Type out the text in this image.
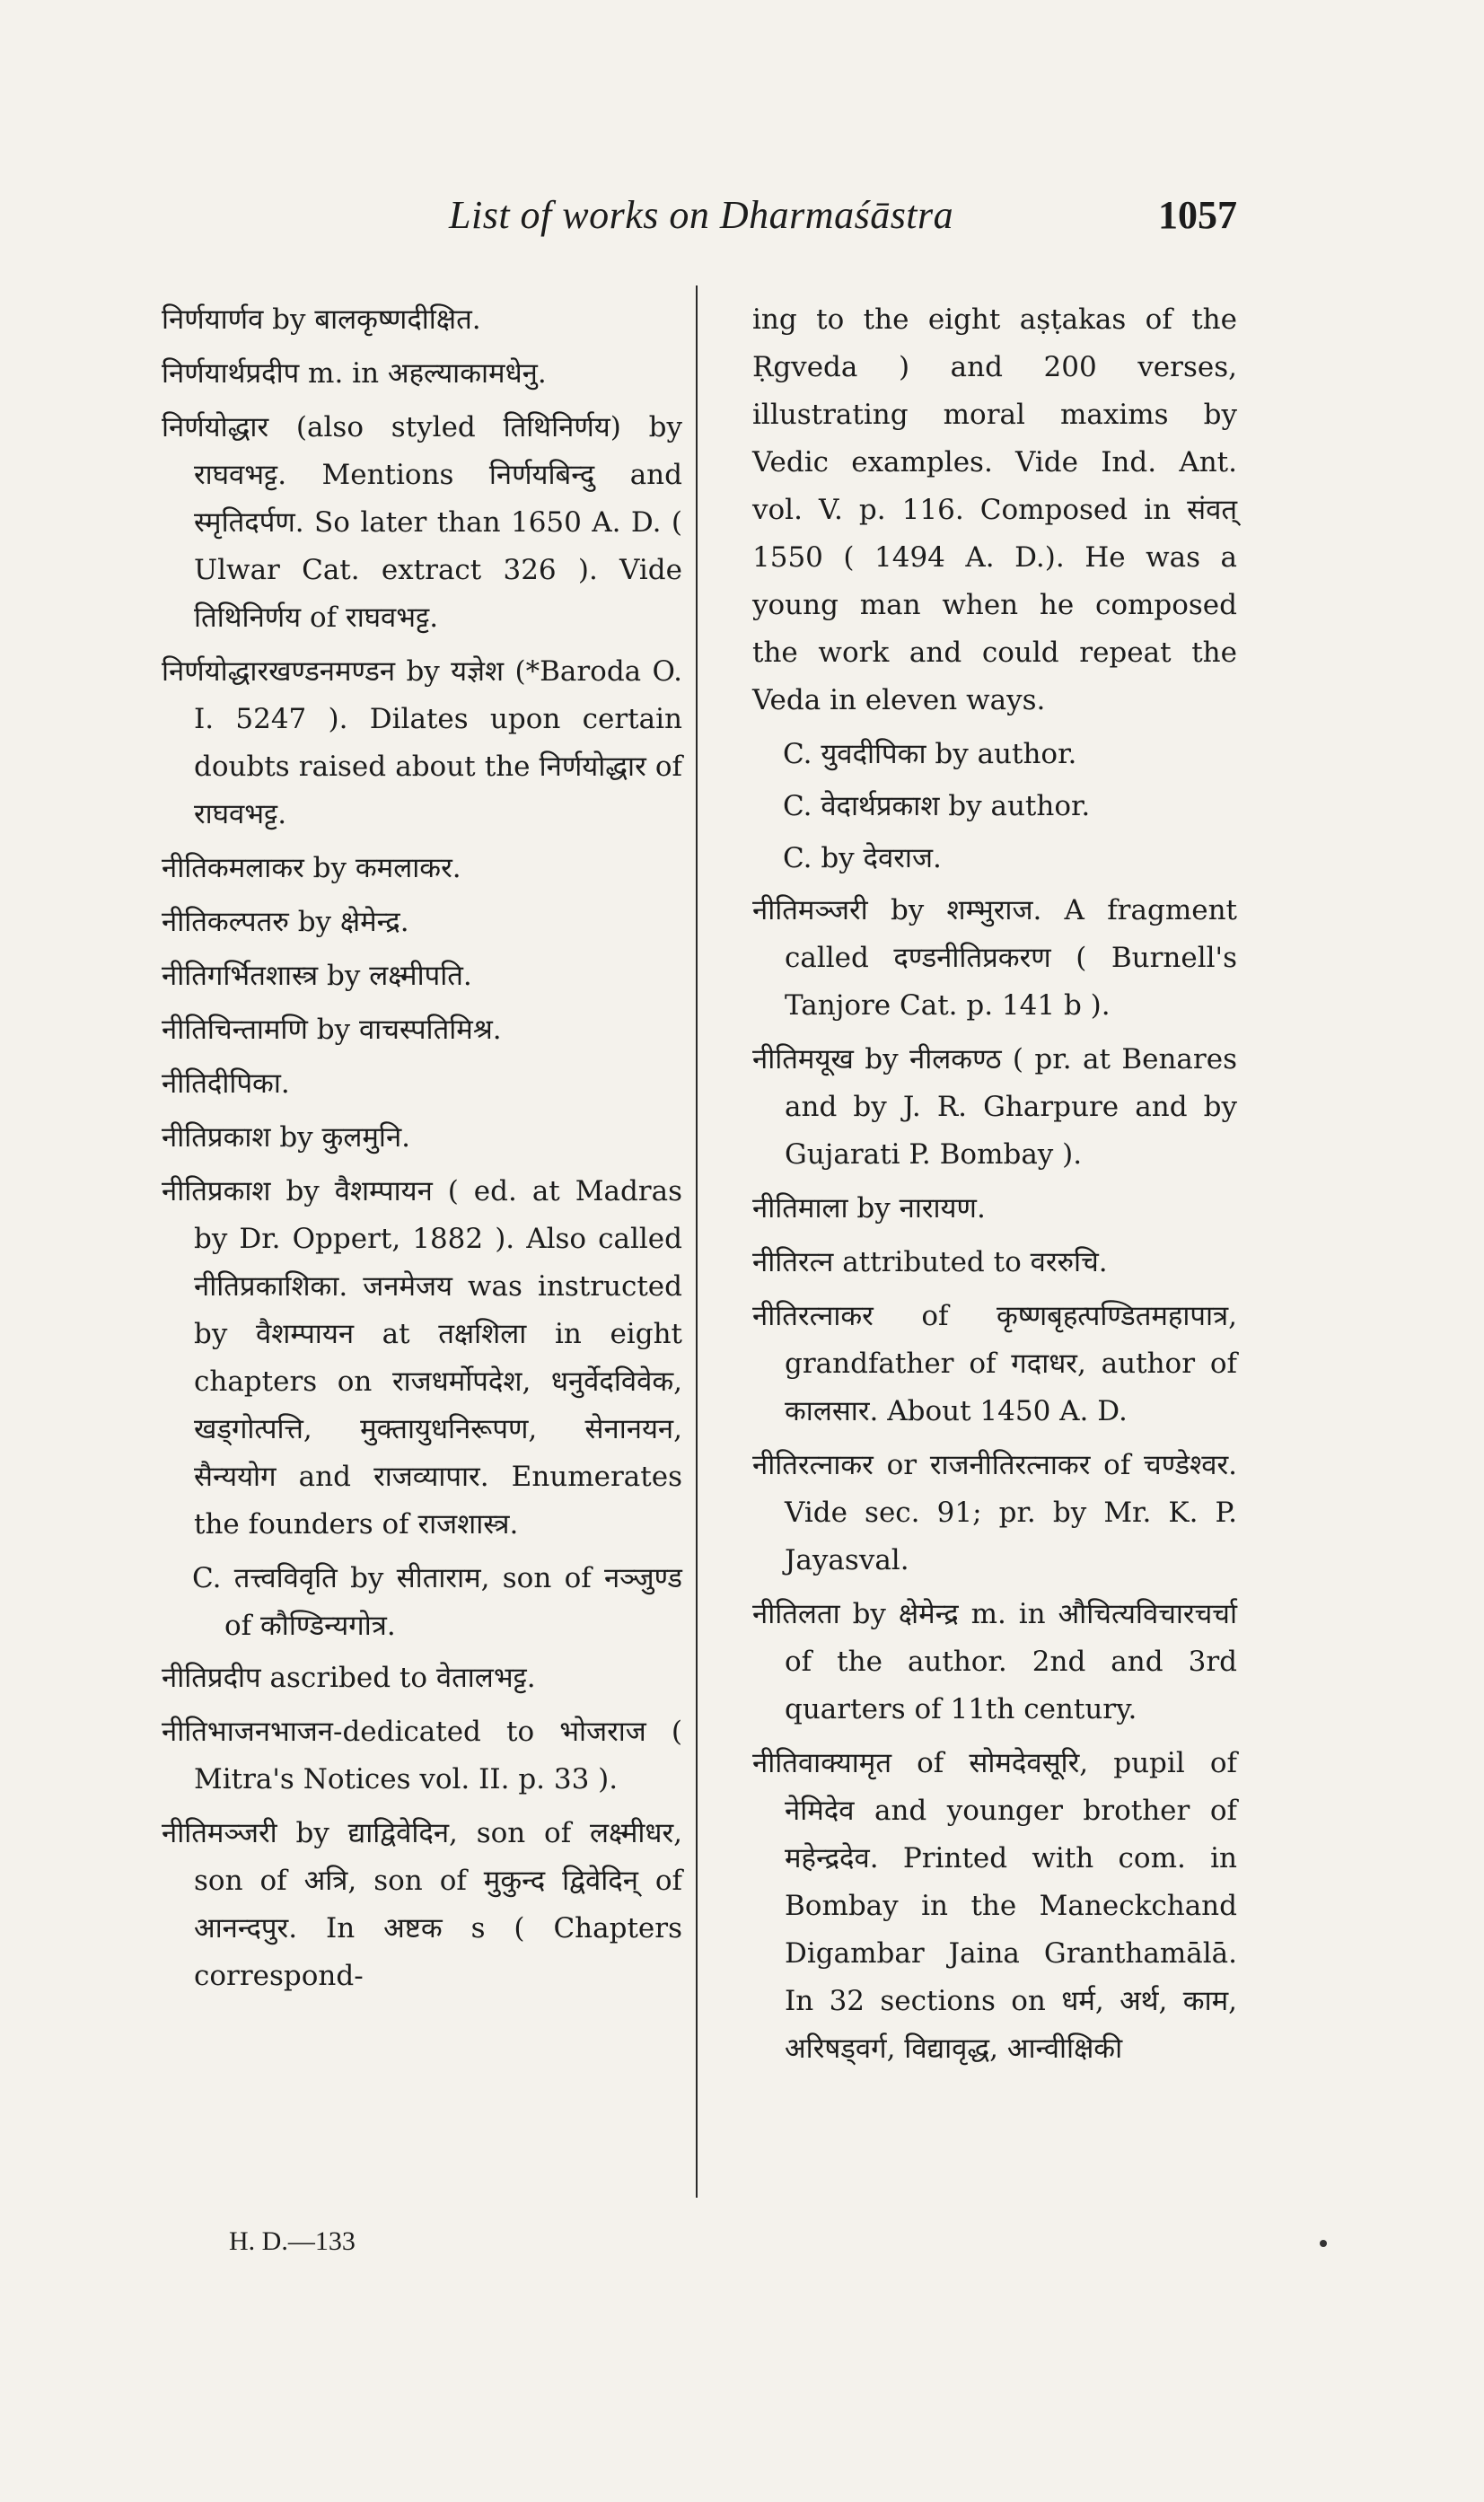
List of works on Dharmaśāstra	1057

निर्णयार्णव by बालकृष्णदीक्षित.

निर्णयार्थप्रदीप m. in अहल्याकामधेनु.

निर्णयोद्धार (also styled तिथिनिर्णय) by राघवभट्ट. Mentions निर्णयबिन्दु and स्मृतिदर्पण. So later than 1650 A. D. ( Ulwar Cat. extract 326 ). Vide तिथिनिर्णय of राघवभट्ट.

निर्णयोद्धारखण्डनमण्डन by यज्ञेश (*Baroda O. I. 5247 ). Dilates upon certain doubts raised about the निर्णयोद्धार of राघवभट्ट.

नीतिकमलाकर by कमलाकर.

नीतिकल्पतरु by क्षेमेन्द्र.

नीतिगर्भितशास्त्र by लक्ष्मीपति.

नीतिचिन्तामणि by वाचस्पतिमिश्र.

नीतिदीपिका.

नीतिप्रकाश by कुलमुनि.

नीतिप्रकाश by वैशम्पायन ( ed. at Madras by Dr. Oppert, 1882 ). Also called नीतिप्रकाशिका. जनमेजय was instructed by वैशम्पायन at तक्षशिला in eight chapters on राजधर्मोपदेश, धनुर्वेदविवेक, खड्गोत्पत्ति, मुक्तायुधनिरूपण, सेनानयन, सैन्ययोग and राजव्यापार. Enumerates the founders of राजशास्त्र.

C. तत्त्वविवृति by सीताराम, son of नञ्जुण्ड of कौण्डिन्यगोत्र.

नीतिप्रदीप ascribed to वेतालभट्ट.

नीतिभाजनभाजन-dedicated to भोजराज ( Mitra's Notices vol. II. p. 33 ).

नीतिमञ्जरी by द्याद्विवेदिन, son of लक्ष्मीधर, son of अत्रि, son of मुकुन्द द्विवेदिन् of आनन्दपुर. In अष्टक s ( Chapters correspond-

ing to the eight aṣṭakas of the Ṛgveda ) and 200 verses, illustrating moral maxims by Vedic examples. Vide Ind. Ant. vol. V. p. 116. Composed in संवत् 1550 ( 1494 A. D.). He was a young man when he composed the work and could repeat the Veda in eleven ways.

C. युवदीपिका by author.

C. वेदार्थप्रकाश by author.

C. by देवराज.

नीतिमञ्जरी by शम्भुराज. A fragment called दण्डनीतिप्रकरण ( Burnell's Tanjore Cat. p. 141 b ).

नीतिमयूख by नीलकण्ठ ( pr. at Benares and by J. R. Gharpure and by Gujarati P. Bombay ).

नीतिमाला by नारायण.

नीतिरत्न attributed to वररुचि.

नीतिरत्नाकर of कृष्णबृहत्पण्डितमहापात्र, grandfather of गदाधर, author of कालसार. About 1450 A. D.

नीतिरत्नाकर or राजनीतिरत्नाकर of चण्डेश्वर. Vide sec. 91; pr. by Mr. K. P. Jayasval.

नीतिलता by क्षेमेन्द्र m. in औचित्यविचारचर्चा of the author. 2nd and 3rd quarters of 11th century.

नीतिवाक्यामृत of सोमदेवसूरि, pupil of नेमिदेव and younger brother of महेन्द्रदेव. Printed with com. in Bombay in the Maneckchand Digambar Jaina Granthamālā. In 32 sections on धर्म, अर्थ, काम, अरिषड्वर्ग, विद्यावृद्ध, आन्वीक्षिकी

H. D.—133
